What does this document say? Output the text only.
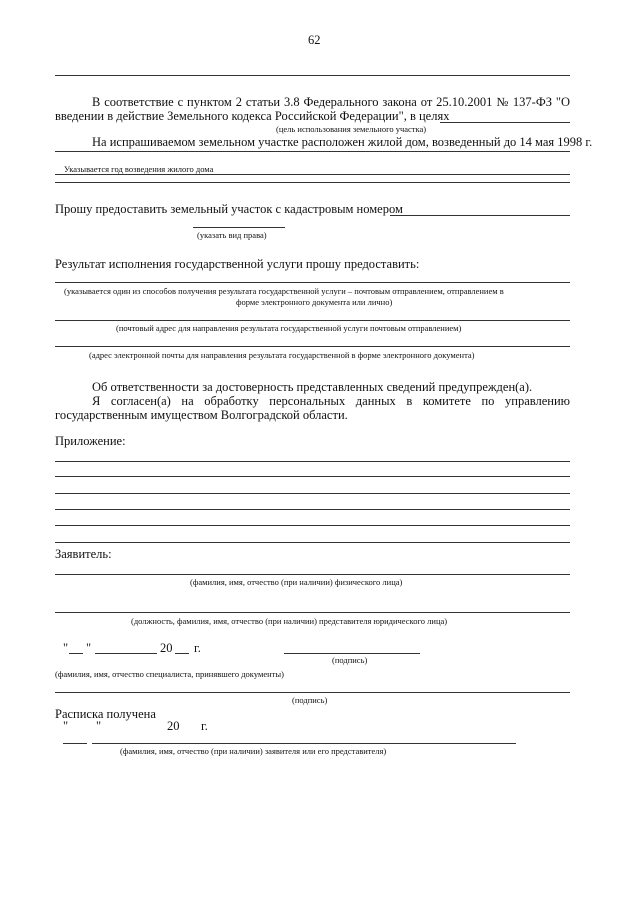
62
В соответствие с пунктом 2 статьи 3.8 Федерального закона от 25.10.2001 № 137-ФЗ "О
введении в действие Земельного кодекса Российской Федерации", в целях
(цель использования земельного участка)
На испрашиваемом земельном участке расположен жилой дом, возведенный до 14 мая 1998 г.
Указывается год возведения жилого дома
Прошу предоставить земельный участок с кадастровым номером
(указать вид права)
Результат исполнения государственной услуги прошу предоставить:
(указывается один из способов получения результата государственной услуги – почтовым отправлением, отправлением в
форме электронного документа или лично)
(почтовый адрес для направления результата государственной услуги почтовым отправлением)
(адрес электронной почты для направления результата государственной в форме электронного документа)
Об ответственности за достоверность представленных сведений предупрежден(а).
Я согласен(а) на обработку персональных данных в комитете по управлению
государственным имуществом Волгоградской области.
Приложение:
Заявитель:
(фамилия, имя, отчество (при наличии) физического лица)
(должность, фамилия, имя, отчество (при наличии) представителя юридического лица)
" "	20 г.
(подпись)
(фамилия, имя, отчество специалиста, принявшего документы)
(подпись)
Расписка получена
" "	20 г.
(фамилия, имя, отчество (при наличии) заявителя или его представителя)
